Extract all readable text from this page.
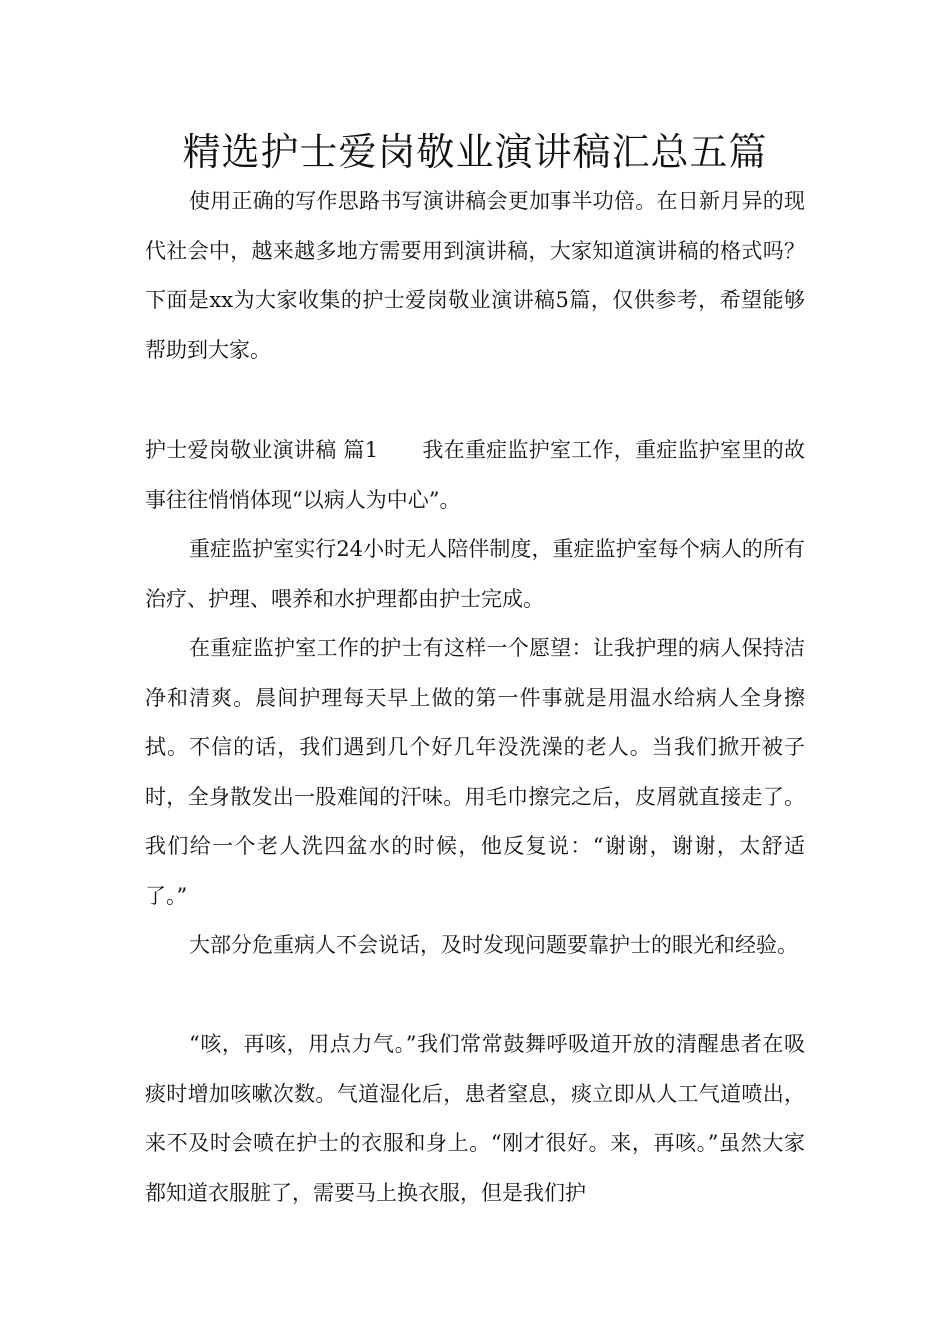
精选护士爱岗敬业演讲稿汇总五篇

使用正确的写作思路书写演讲稿会更加事半功倍。在日新月异的现代社会中，越来越多地方需要用到演讲稿，大家知道演讲稿的格式吗？下面是xx为大家收集的护士爱岗敬业演讲稿5篇，仅供参考，希望能够帮助到大家。

护士爱岗敬业演讲稿 篇1 我在重症监护室工作，重症监护室里的故事往往悄悄体现“以病人为中心”。

重症监护室实行24小时无人陪伴制度，重症监护室每个病人的所有治疗、护理、喂养和水护理都由护士完成。

在重症监护室工作的护士有这样一个愿望：让我护理的病人保持洁净和清爽。晨间护理每天早上做的第一件事就是用温水给病人全身擦拭。不信的话，我们遇到几个好几年没洗澡的老人。当我们掀开被子时，全身散发出一股难闻的汗味。用毛巾擦完之后，皮屑就直接走了。我们给一个老人洗四盆水的时候，他反复说：“谢谢，谢谢，太舒适了。”

大部分危重病人不会说话，及时发现问题要靠护士的眼光和经验。

“咳，再咳，用点力气。”我们常常鼓舞呼吸道开放的清醒患者在吸痰时增加咳嗽次数。气道湿化后，患者窒息，痰立即从人工气道喷出，来不及时会喷在护士的衣服和身上。“刚才很好。来，再咳。”虽然大家都知道衣服脏了，需要马上换衣服，但是我们护
